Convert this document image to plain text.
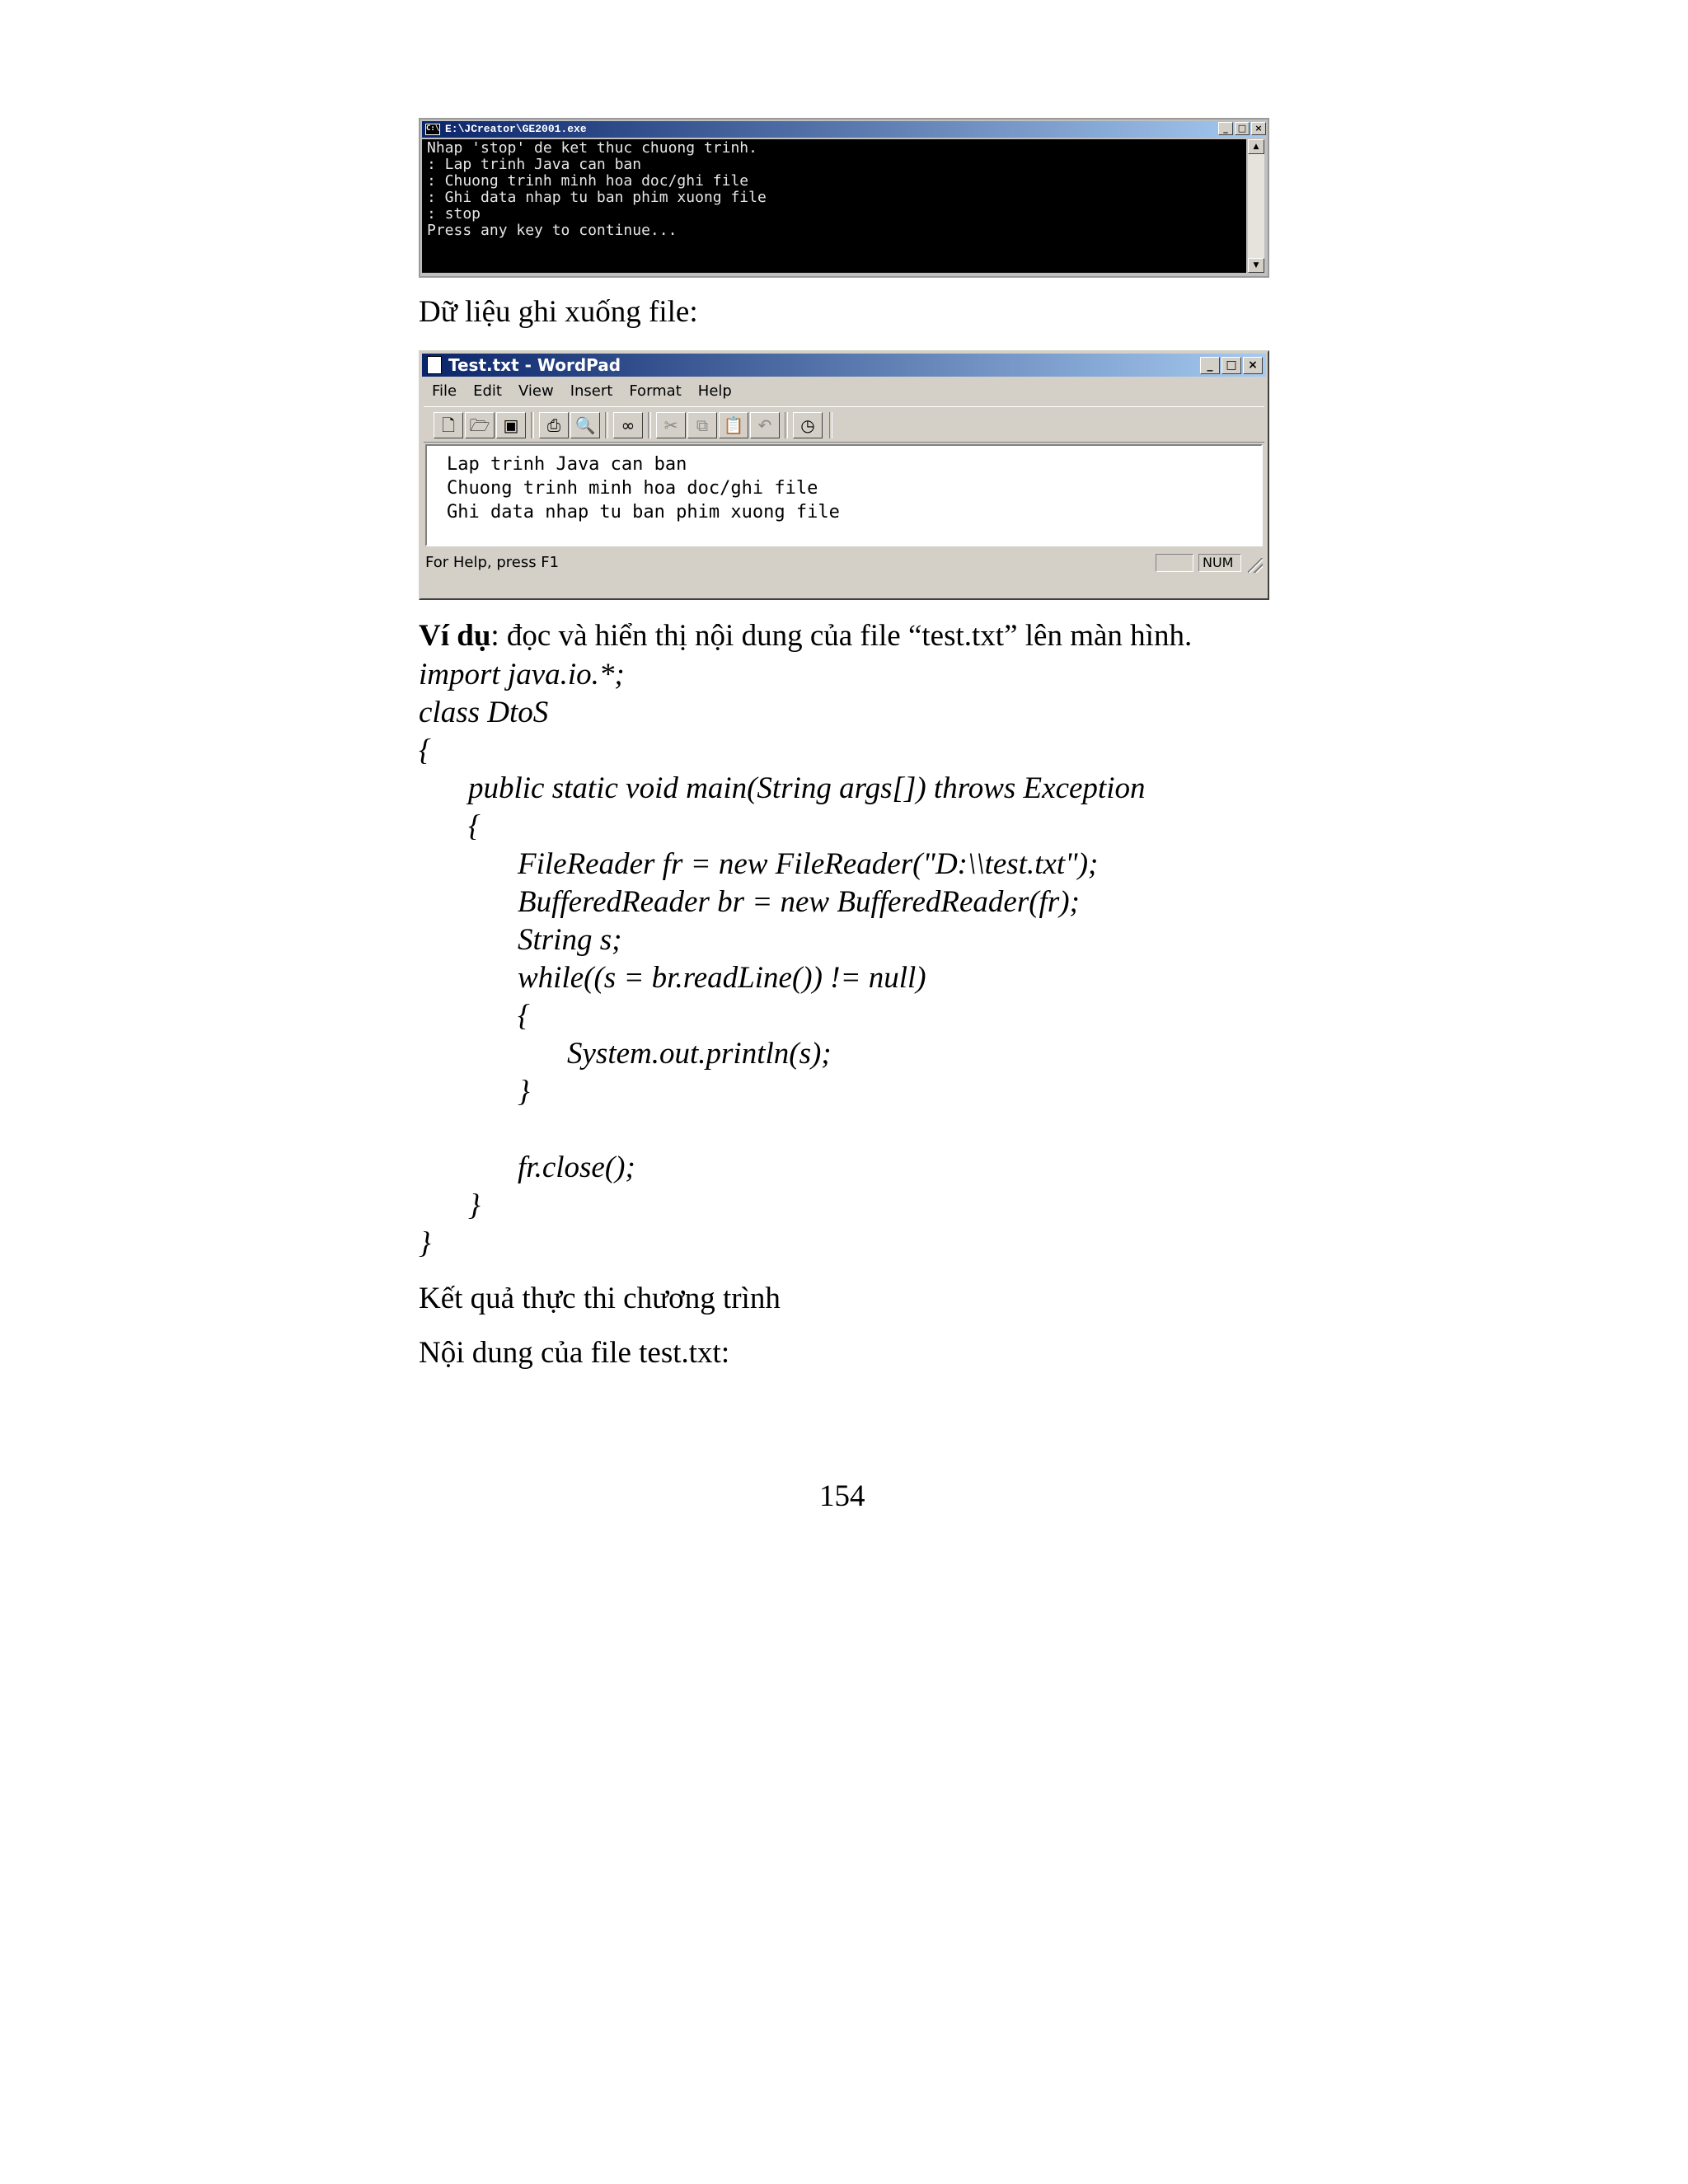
C:\ E:\JCreator\GE2001.exe	_ □ ×
Nhap 'stop' de ket thuc chuong trinh.
: Lap trinh Java can ban
: Chuong trinh minh hoa doc/ghi file
: Ghi data nhap tu ban phim xuong file
: stop
Press any key to continue...
▲
▼
Dữ liệu ghi xuống file:
Test.txt - WordPad	_ □ ×
File Edit View Insert Format Help
🗋 🗁 ▣	⎙ 🔍	∞	✂	⧉ 📋 ↶	◷
Lap trinh Java can ban
Chuong trinh minh hoa doc/ghi file
Ghi data nhap tu ban phim xuong file
For Help, press F1	NUM
Ví dụ: đọc và hiển thị nội dung của file “test.txt” lên màn hình.
import java.io.*;
class DtoS
{
public static void main(String args[]) throws Exception
{
FileReader fr = new FileReader("D:\\test.txt");
BufferedReader br = new BufferedReader(fr);
String s;
while((s = br.readLine()) != null)
{
System.out.println(s);
}
fr.close();
}
}
Kết quả thực thi chương trình
Nội dung của file test.txt:
154
